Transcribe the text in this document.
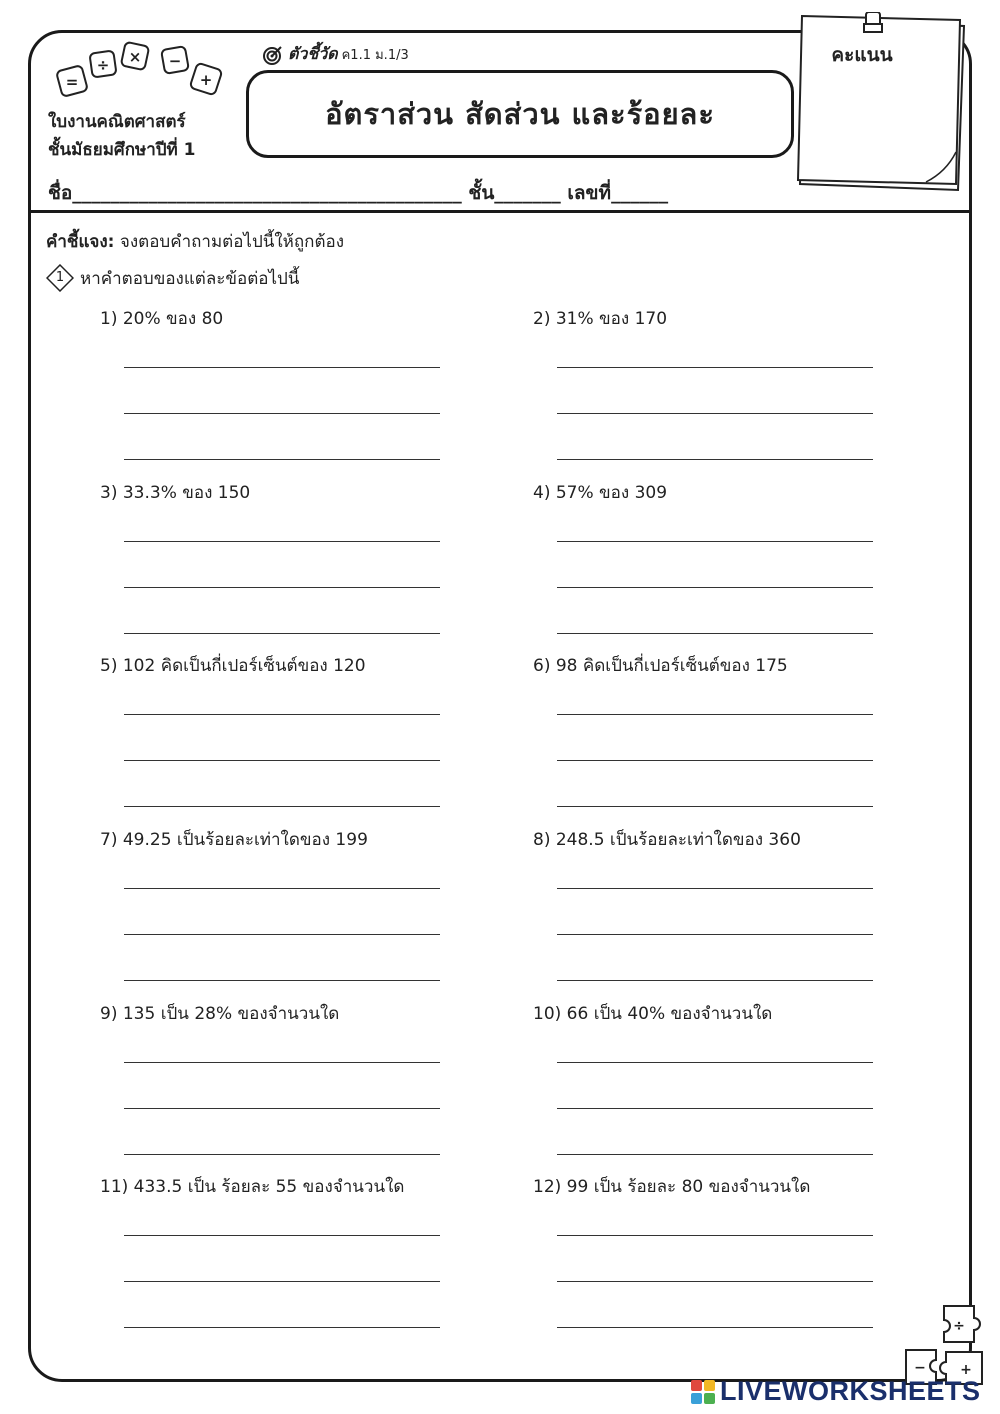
=
÷ × −
+
ใบงานคณิตศาสตร์
ชั้นมัธยมศึกษาปีที่ 1
ตัวชี้วัด ค1.1 ม.1/3
อัตราส่วน สัดส่วน และร้อยละ
ชื่อ_________________________________________ ชั้น_______ เลขที่______
คะแนน
คำชี้แจง: จงตอบคำถามต่อไปนี้ให้ถูกต้อง
1 หาคำตอบของแต่ละข้อต่อไปนี้
1) 20% ของ 80	2) 31% ของ 170
3) 33.3% ของ 150	4) 57% ของ 309
5) 102 คิดเป็นกี่เปอร์เซ็นต์ของ 120	6) 98 คิดเป็นกี่เปอร์เซ็นต์ของ 175
7) 49.25 เป็นร้อยละเท่าใดของ 199	8) 248.5 เป็นร้อยละเท่าใดของ 360
9) 135 เป็น 28% ของจำนวนใด	10) 66 เป็น 40% ของจำนวนใด
11) 433.5 เป็น ร้อยละ 55 ของจำนวนใด	12) 99 เป็น ร้อยละ 80 ของจำนวนใด
÷
− +
LIVEWORKSHEETS
